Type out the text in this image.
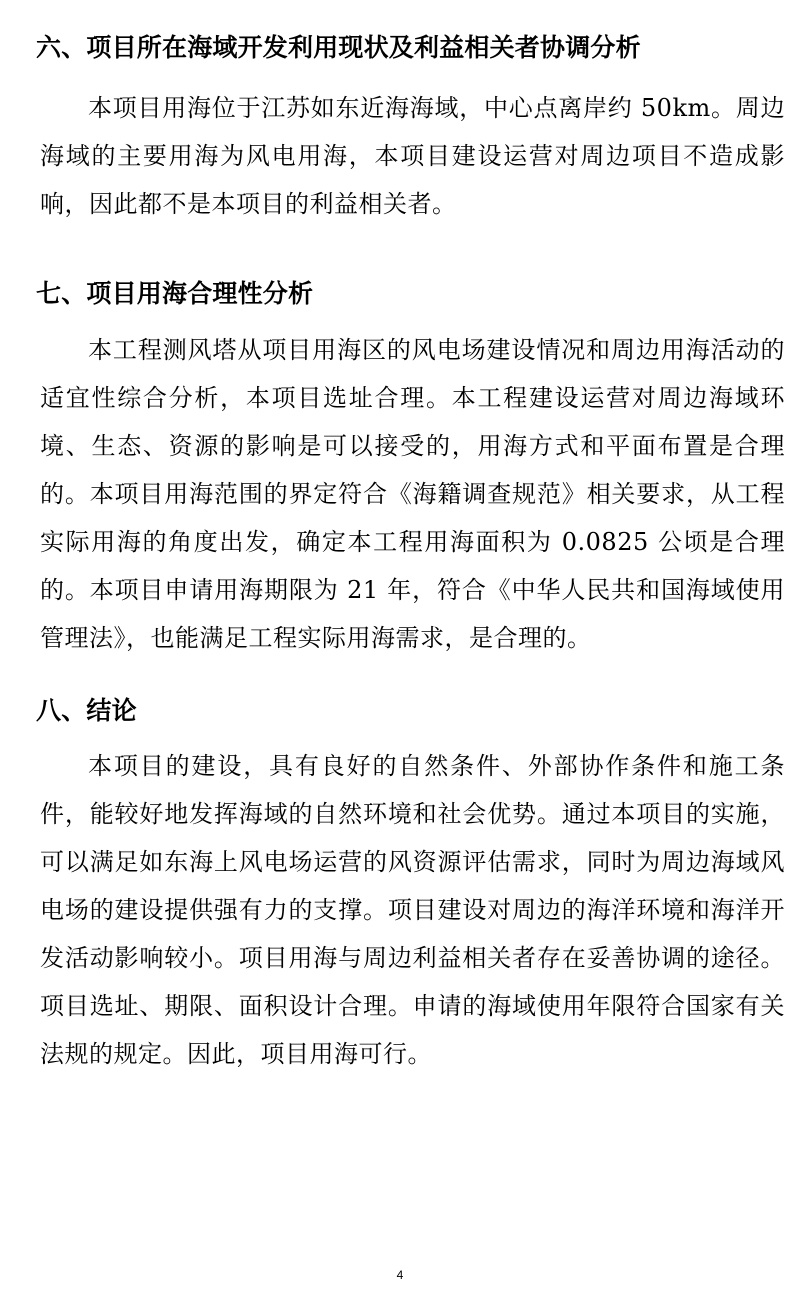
六、项目所在海域开发利用现状及利益相关者协调分析

本项目用海位于江苏如东近海海域，中心点离岸约 50km。周边海域的主要用海为风电用海，本项目建设运营对周边项目不造成影响，因此都不是本项目的利益相关者。

七、项目用海合理性分析

本工程测风塔从项目用海区的风电场建设情况和周边用海活动的适宜性综合分析，本项目选址合理。本工程建设运营对周边海域环境、生态、资源的影响是可以接受的，用海方式和平面布置是合理的。本项目用海范围的界定符合《海籍调查规范》相关要求，从工程实际用海的角度出发，确定本工程用海面积为 0.0825 公顷是合理的。本项目申请用海期限为 21 年，符合《中华人民共和国海域使用管理法》，也能满足工程实际用海需求，是合理的。

八、结论

本项目的建设，具有良好的自然条件、外部协作条件和施工条件，能较好地发挥海域的自然环境和社会优势。通过本项目的实施，可以满足如东海上风电场运营的风资源评估需求，同时为周边海域风电场的建设提供强有力的支撑。项目建设对周边的海洋环境和海洋开发活动影响较小。项目用海与周边利益相关者存在妥善协调的途径。项目选址、期限、面积设计合理。申请的海域使用年限符合国家有关法规的规定。因此，项目用海可行。

4
